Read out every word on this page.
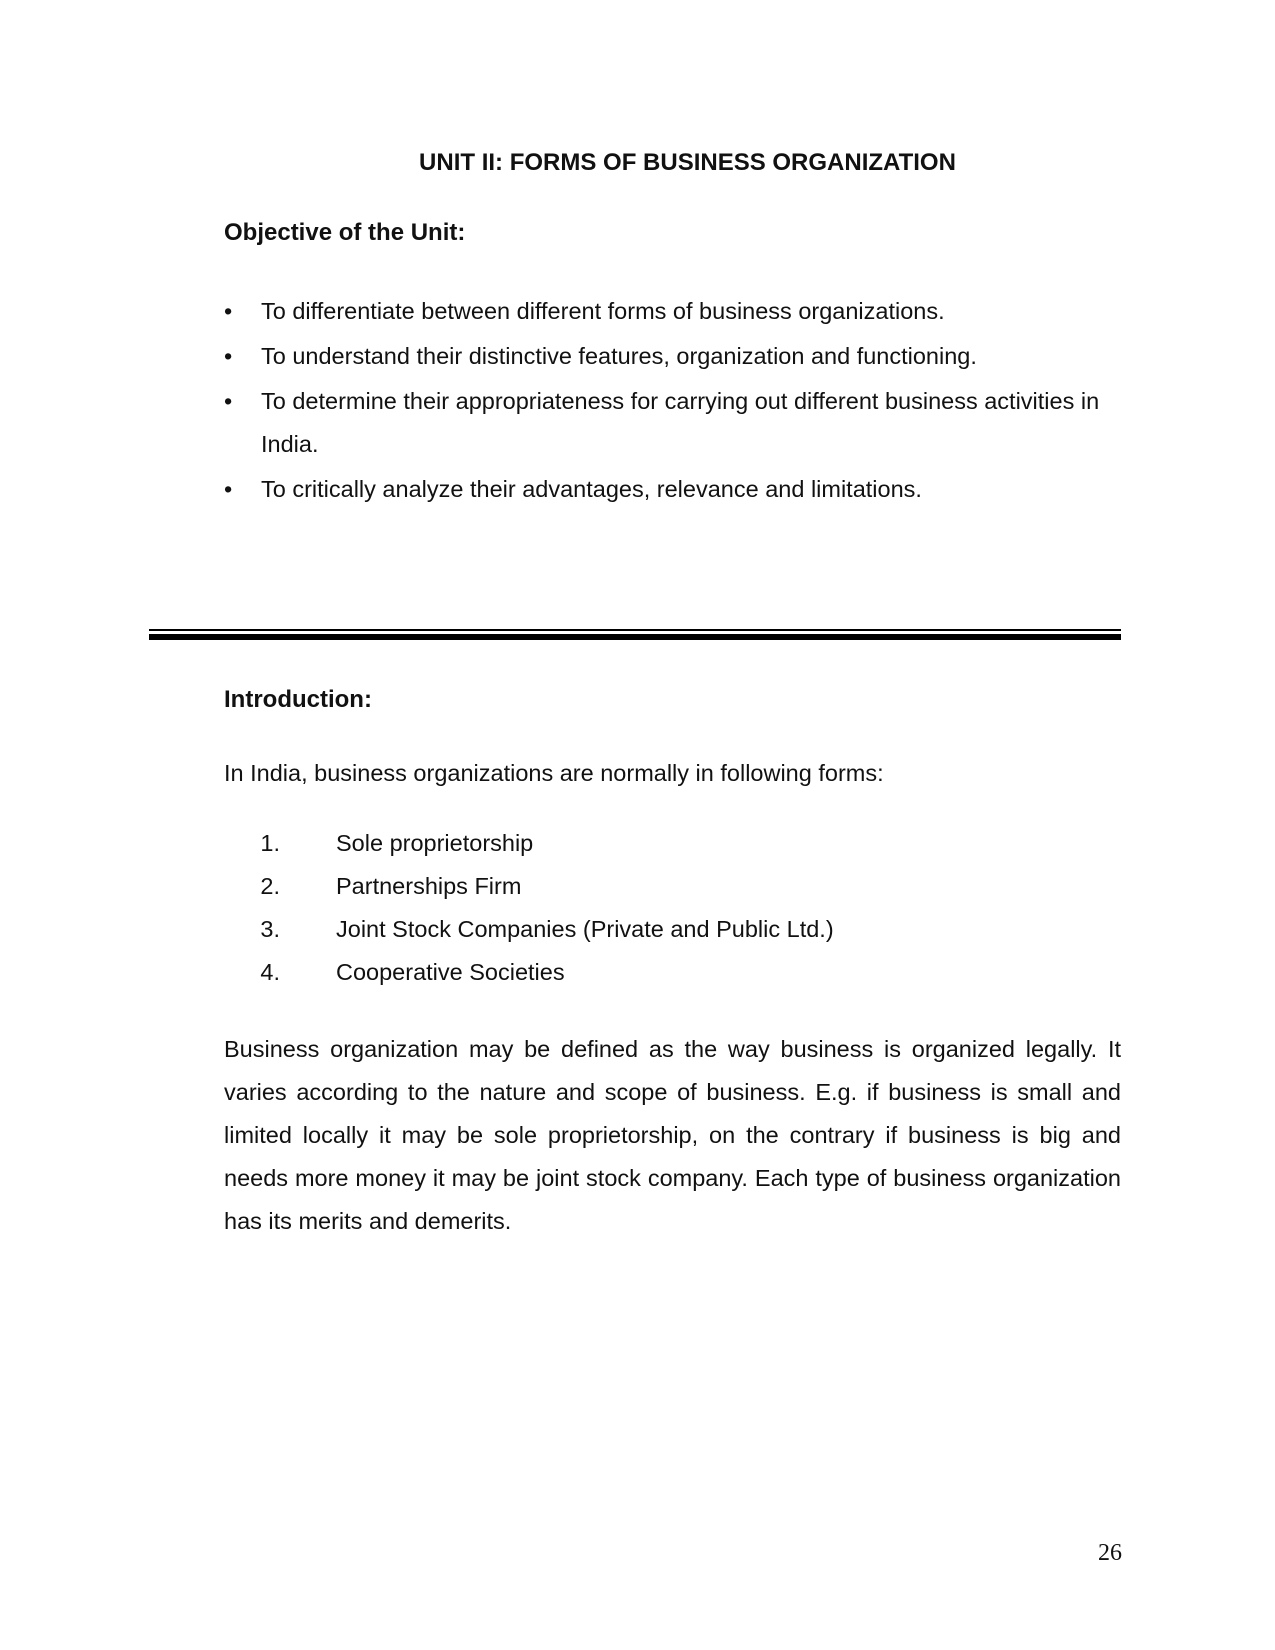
UNIT II: FORMS OF BUSINESS ORGANIZATION
Objective of the Unit:
• To differentiate between different forms of business organizations.
• To understand their distinctive features, organization and functioning.
• To determine their appropriateness for carrying out different business activities in India.
• To critically analyze their advantages, relevance and limitations.
Introduction:
In India, business organizations are normally in following forms:
1. Sole proprietorship
2. Partnerships Firm
3. Joint Stock Companies (Private and Public Ltd.)
4. Cooperative Societies

Business organization may be defined as the way business is organized legally. It varies according to the nature and scope of business. E.g. if business is small and limited locally it may be sole proprietorship, on the contrary if business is big and needs more money it may be joint stock company. Each type of business organization has its merits and demerits.

26
